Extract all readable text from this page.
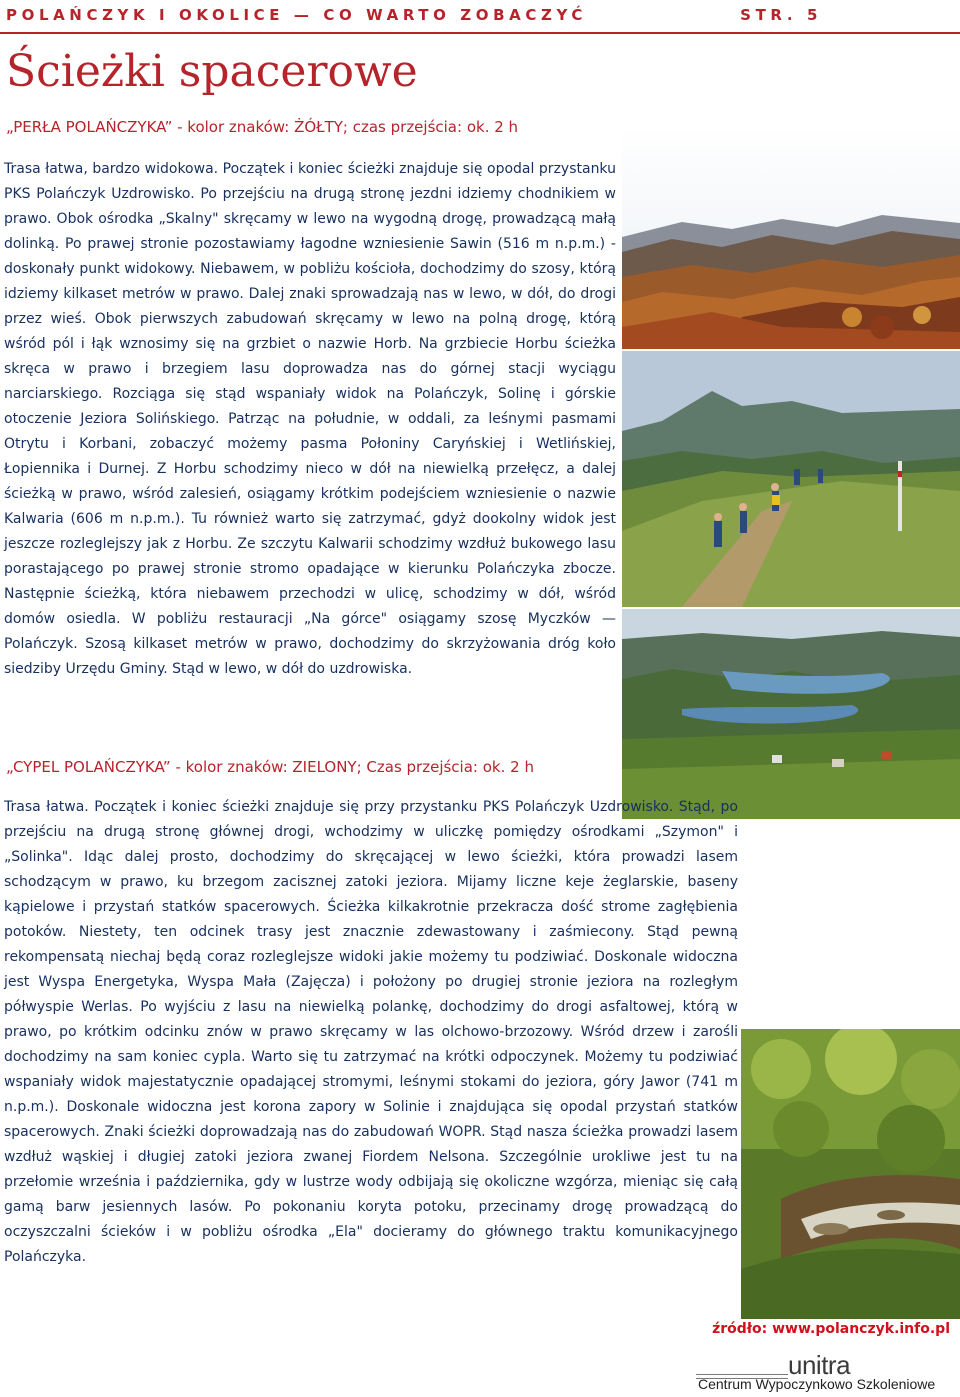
POLAŃCZYK I OKOLICE — CO WARTO ZOBACZYĆ	STR. 5
Ścieżki spacerowe
„PERŁA POLAŃCZYKA” - kolor znaków: ŻÓŁTY; czas przejścia: ok. 2 h

Trasa łatwa, bardzo widokowa. Początek i koniec ścieżki znajduje się opodal przystanku PKS Polańczyk Uzdrowisko. Po przejściu na drugą stronę jezdni idziemy chodnikiem w prawo. Obok ośrodka „Skalny" skręcamy w lewo na wygodną drogę, prowadzącą małą dolinką. Po prawej stronie pozostawiamy łagodne wzniesienie Sawin (516 m n.p.m.) - doskonały punkt widokowy. Niebawem, w pobliżu kościoła, dochodzimy do szosy, którą idziemy kilkaset metrów w prawo. Dalej znaki sprowadzają nas w lewo, w dół, do drogi przez wieś. Obok pierwszych zabudowań skręcamy w lewo na polną drogę, którą wśród pól i łąk wznosimy się na grzbiet o nazwie Horb. Na grzbiecie Horbu ścieżka skręca w prawo i brzegiem lasu doprowadza nas do górnej stacji wyciągu narciarskiego. Rozciąga się stąd wspaniały widok na Polańczyk, Solinę i górskie otoczenie Jeziora Solińskiego. Patrząc na południe, w oddali, za leśnymi pasmami Otrytu i Korbani, zobaczyć możemy pasma Połoniny Caryńskiej i Wetlińskiej, Łopiennika i Durnej. Z Horbu schodzimy nieco w dół na niewielką przełęcz, a dalej ścieżką w prawo, wśród zalesień, osiągamy krótkim podejściem wzniesienie o nazwie Kalwaria (606 m n.p.m.). Tu również warto się zatrzymać, gdyż dookolny widok jest jeszcze rozleglejszy jak z Horbu. Ze szczytu Kalwarii schodzimy wzdłuż bukowego lasu porastającego po prawej stronie stromo opadające w kierunku Polańczyka zbocze. Następnie ścieżką, która niebawem przechodzi w ulicę, schodzimy w dół, wśród domów osiedla. W pobliżu restauracji „Na górce" osiągamy szosę Myczków — Polańczyk. Szosą kilkaset metrów w prawo, dochodzimy do skrzyżowania dróg koło siedziby Urzędu Gminy. Stąd w lewo, w dół do uzdrowiska.

„CYPEL POLAŃCZYKA” - kolor znaków: ZIELONY; Czas przejścia: ok. 2 h

Trasa łatwa. Początek i koniec ścieżki znajduje się przy przystanku PKS Polańczyk Uzdrowisko. Stąd, po przejściu na drugą stronę głównej drogi, wchodzimy w uliczkę pomiędzy ośrodkami „Szymon" i „Solinka". Idąc dalej prosto, dochodzimy do skręcającej w lewo ścieżki, która prowadzi lasem schodzącym w prawo, ku brzegom zacisznej zatoki jeziora. Mijamy liczne keje żeglarskie, baseny kąpielowe i przystań statków spacerowych. Ścieżka kilkakrotnie przekracza dość strome zagłębienia potoków. Niestety, ten odcinek trasy jest znacznie zdewastowany i zaśmiecony. Stąd pewną rekompensatą niechaj będą coraz rozleglejsze widoki jakie możemy tu podziwiać. Doskonale widoczna jest Wyspa Energetyka, Wyspa Mała (Zajęcza) i położony po drugiej stronie jeziora na rozległym półwyspie Werlas. Po wyjściu z lasu na niewielką polankę, dochodzimy do drogi asfaltowej, którą w prawo, po krótkim odcinku znów w prawo skręcamy w las olchowo-brzozowy. Wśród drzew i zarośli dochodzimy na sam koniec cypla. Warto się tu zatrzymać na krótki odpoczynek. Możemy tu podziwiać wspaniały widok majestatycznie opadającej stromymi, leśnymi stokami do jeziora, góry Jawor (741 m n.p.m.). Doskonale widoczna jest korona zapory w Solinie i znajdująca się opodal przystań statków spacerowych. Znaki ścieżki doprowadzają nas do zabudowań WOPR. Stąd nasza ścieżka prowadzi lasem wzdłuż wąskiej i długiej zatoki jeziora zwanej Fiordem Nelsona. Szczególnie urokliwe jest tu na przełomie września i października, gdy w lustrze wody odbijają się okoliczne wzgórza, mieniąc się całą gamą barw jesiennych lasów. Po pokonaniu koryta potoku, przecinamy drogę prowadzącą do oczyszczalni ścieków i w pobliżu ośrodka „Ela" docieramy do głównego traktu komunikacyjnego Polańczyka.

źródło: www.polanczyk.info.pl
unitra
Centrum Wypoczynkowo Szkoleniowe
